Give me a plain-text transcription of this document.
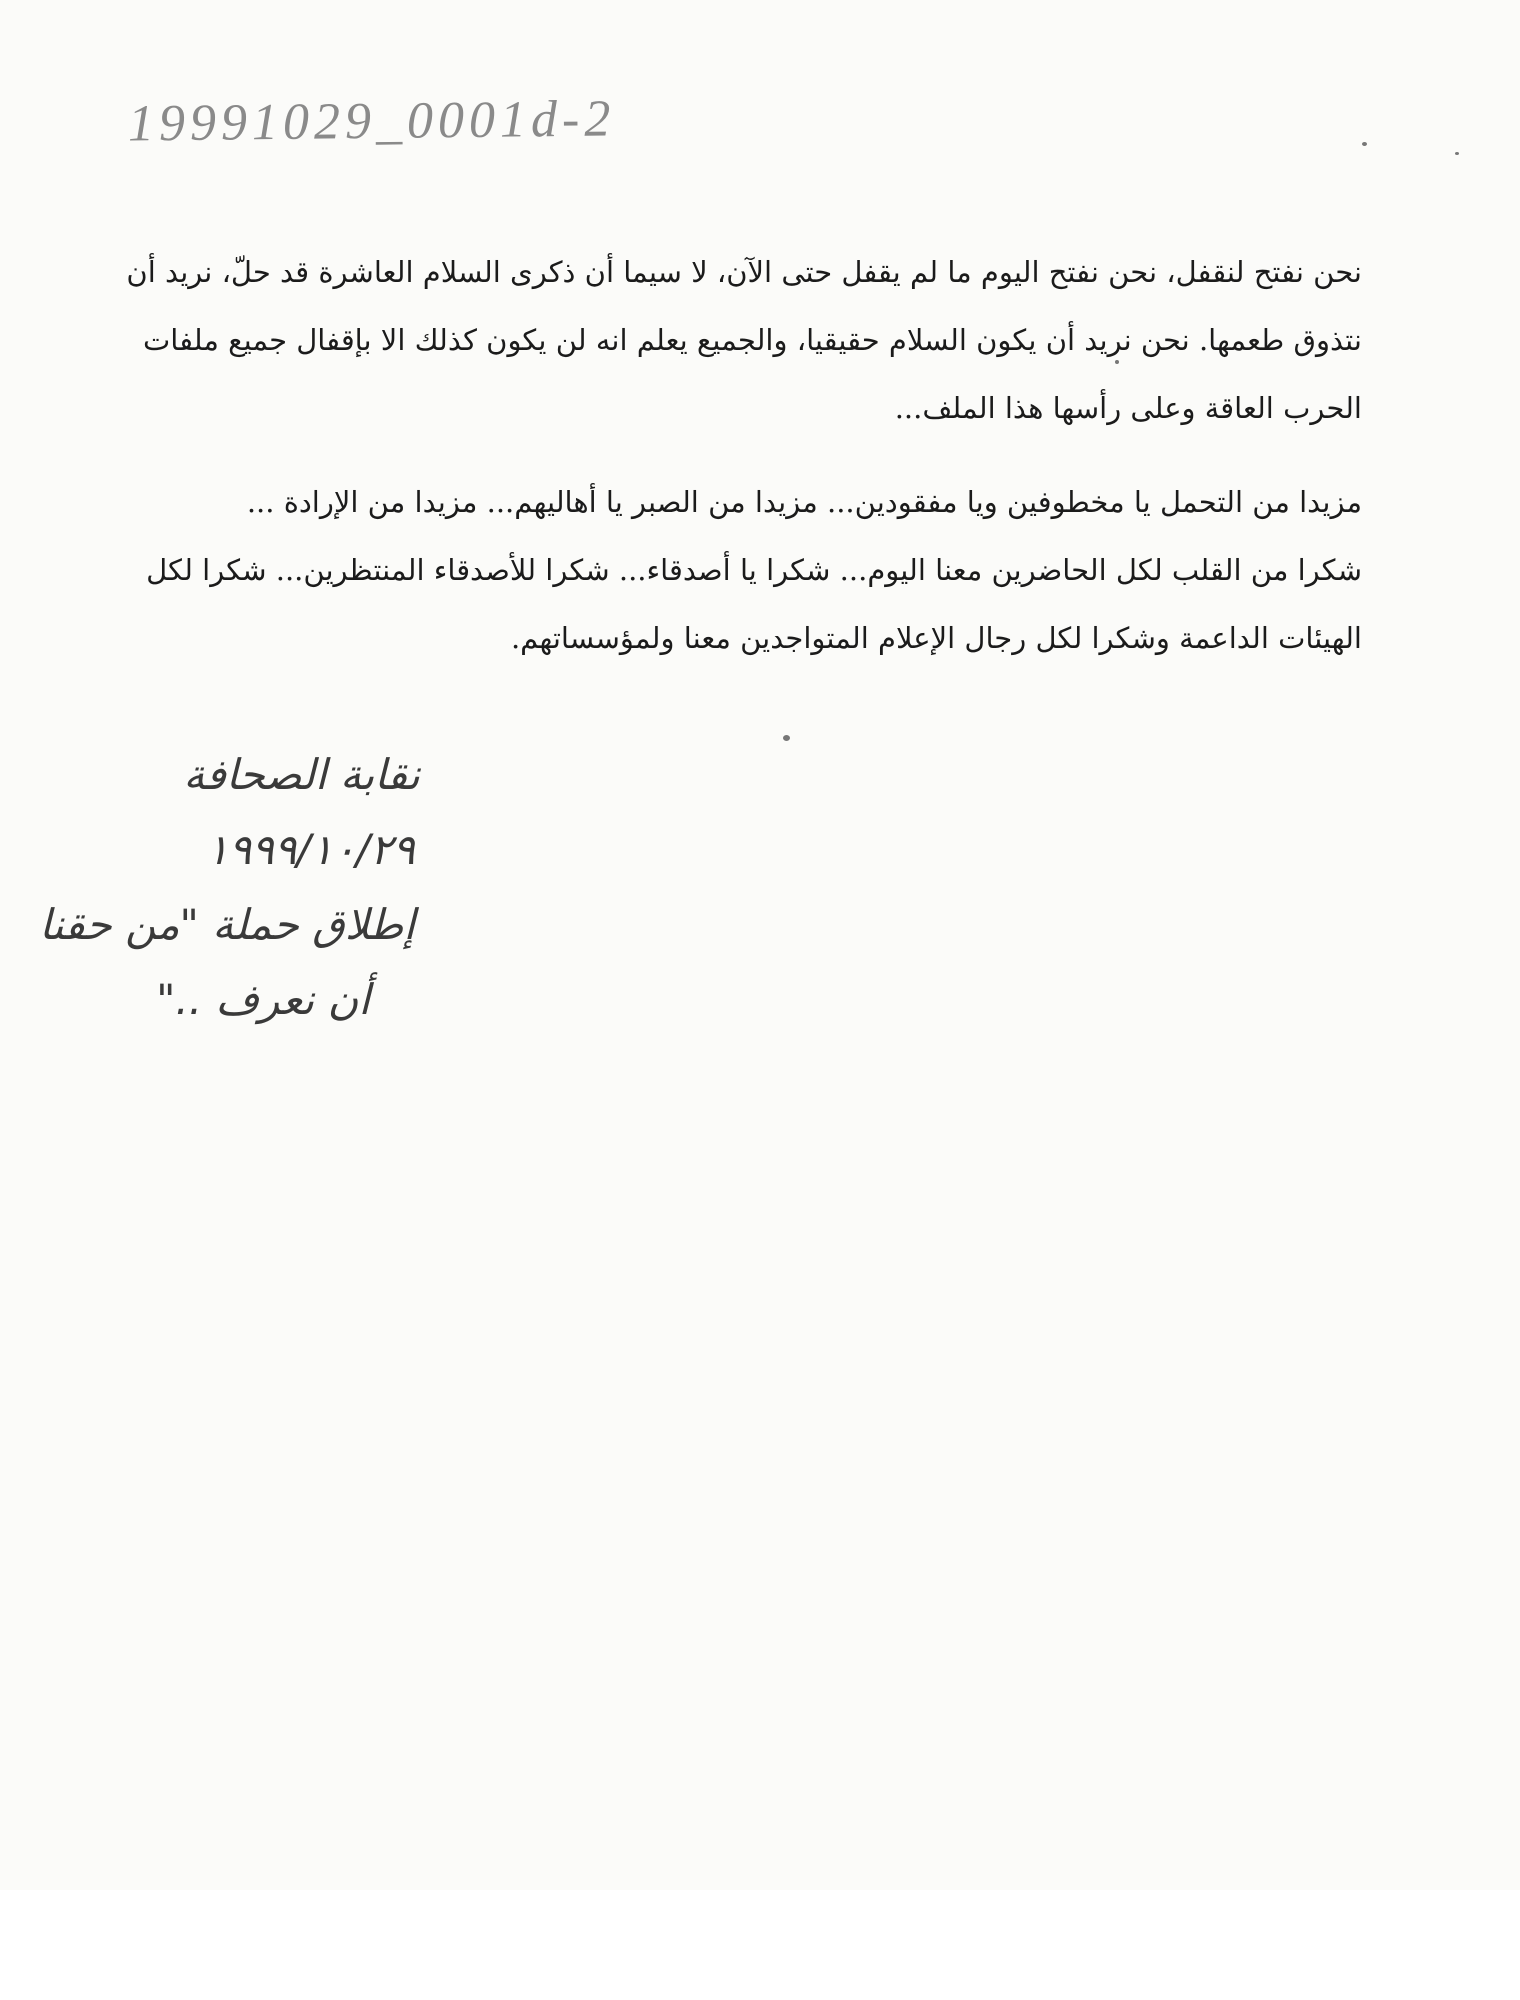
19991029_0001d-2
نحن نفتح لنقفل، نحن نفتح اليوم ما لم يقفل حتى الآن، لا سيما أن ذكرى السلام العاشرة قد حلّ، نريد أن
نتذوق طعمها. نحن نريد أن يكون السلام حقيقيا، والجميع يعلم انه لن يكون كذلك الا بإقفال جميع ملفات
الحرب العاقة وعلى رأسها هذا الملف...
مزيدا من التحمل يا مخطوفين ويا مفقودين... مزيدا من الصبر يا أهاليهم... مزيدا من الإرادة ...
شكرا من القلب لكل الحاضرين معنا اليوم... شكرا يا أصدقاء... شكرا للأصدقاء المنتظرين... شكرا لكل
الهيئات الداعمة وشكرا لكل رجال الإعلام المتواجدين معنا ولمؤسساتهم.
نقابة الصحافة
١٩٩٩/١٠/٢٩
إطلاق حملة "من حقنا
أن نعرف .."
